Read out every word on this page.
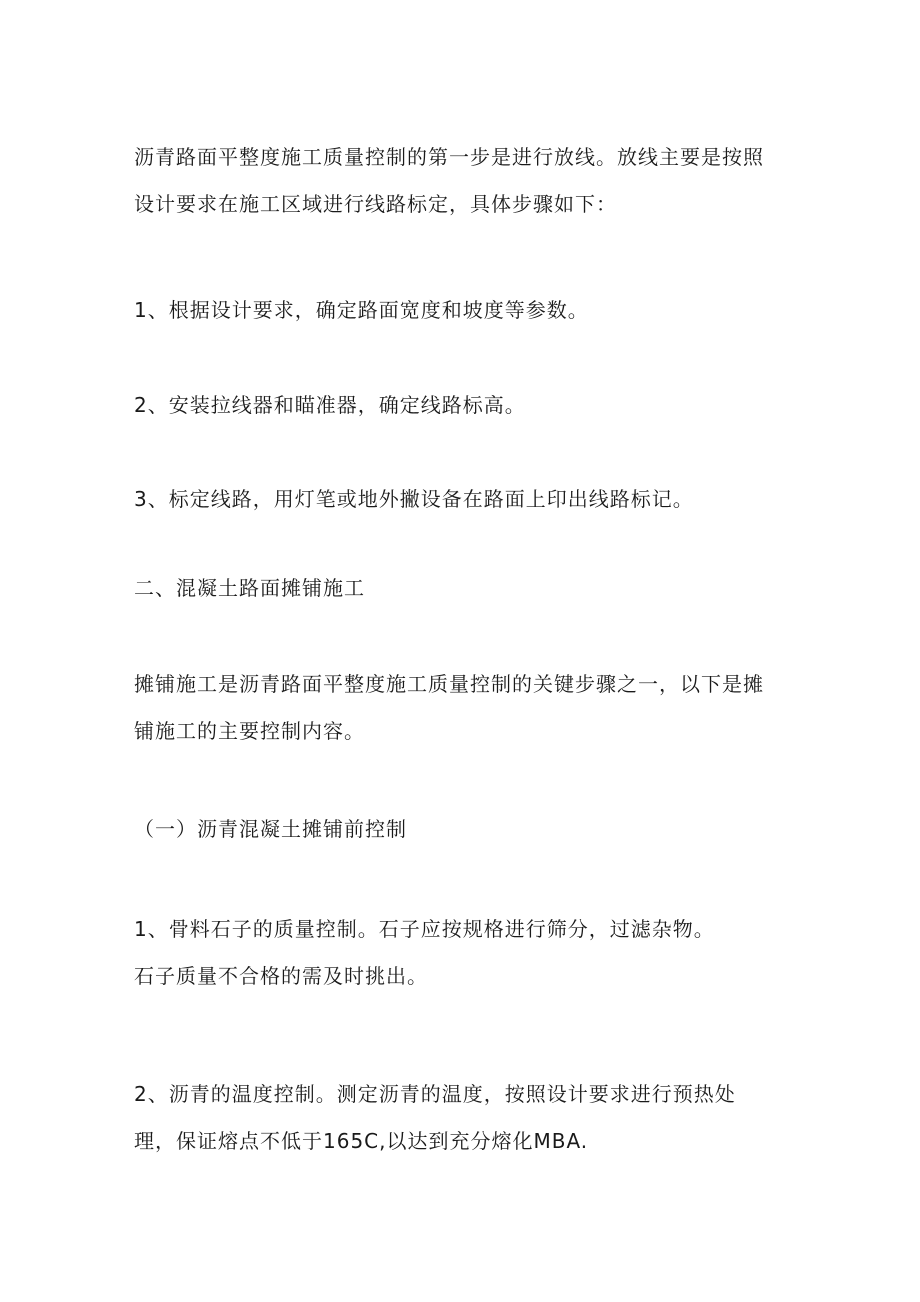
沥青路面平整度施工质量控制的第一步是进行放线。放线主要是按照
设计要求在施工区域进行线路标定，具体步骤如下：

1、根据设计要求，确定路面宽度和坡度等参数。

2、安装拉线器和瞄准器，确定线路标高。

3、标定线路，用灯笔或地外撇设备在路面上印出线路标记。

二、混凝土路面摊铺施工

摊铺施工是沥青路面平整度施工质量控制的关键步骤之一，以下是摊
铺施工的主要控制内容。

（一）沥青混凝土摊铺前控制

1、骨料石子的质量控制。石子应按规格进行筛分，过滤杂物。
石子质量不合格的需及时挑出。

2、沥青的温度控制。测定沥青的温度，按照设计要求进行预热处
理，保证熔点不低于165C,以达到充分熔化MBA.
